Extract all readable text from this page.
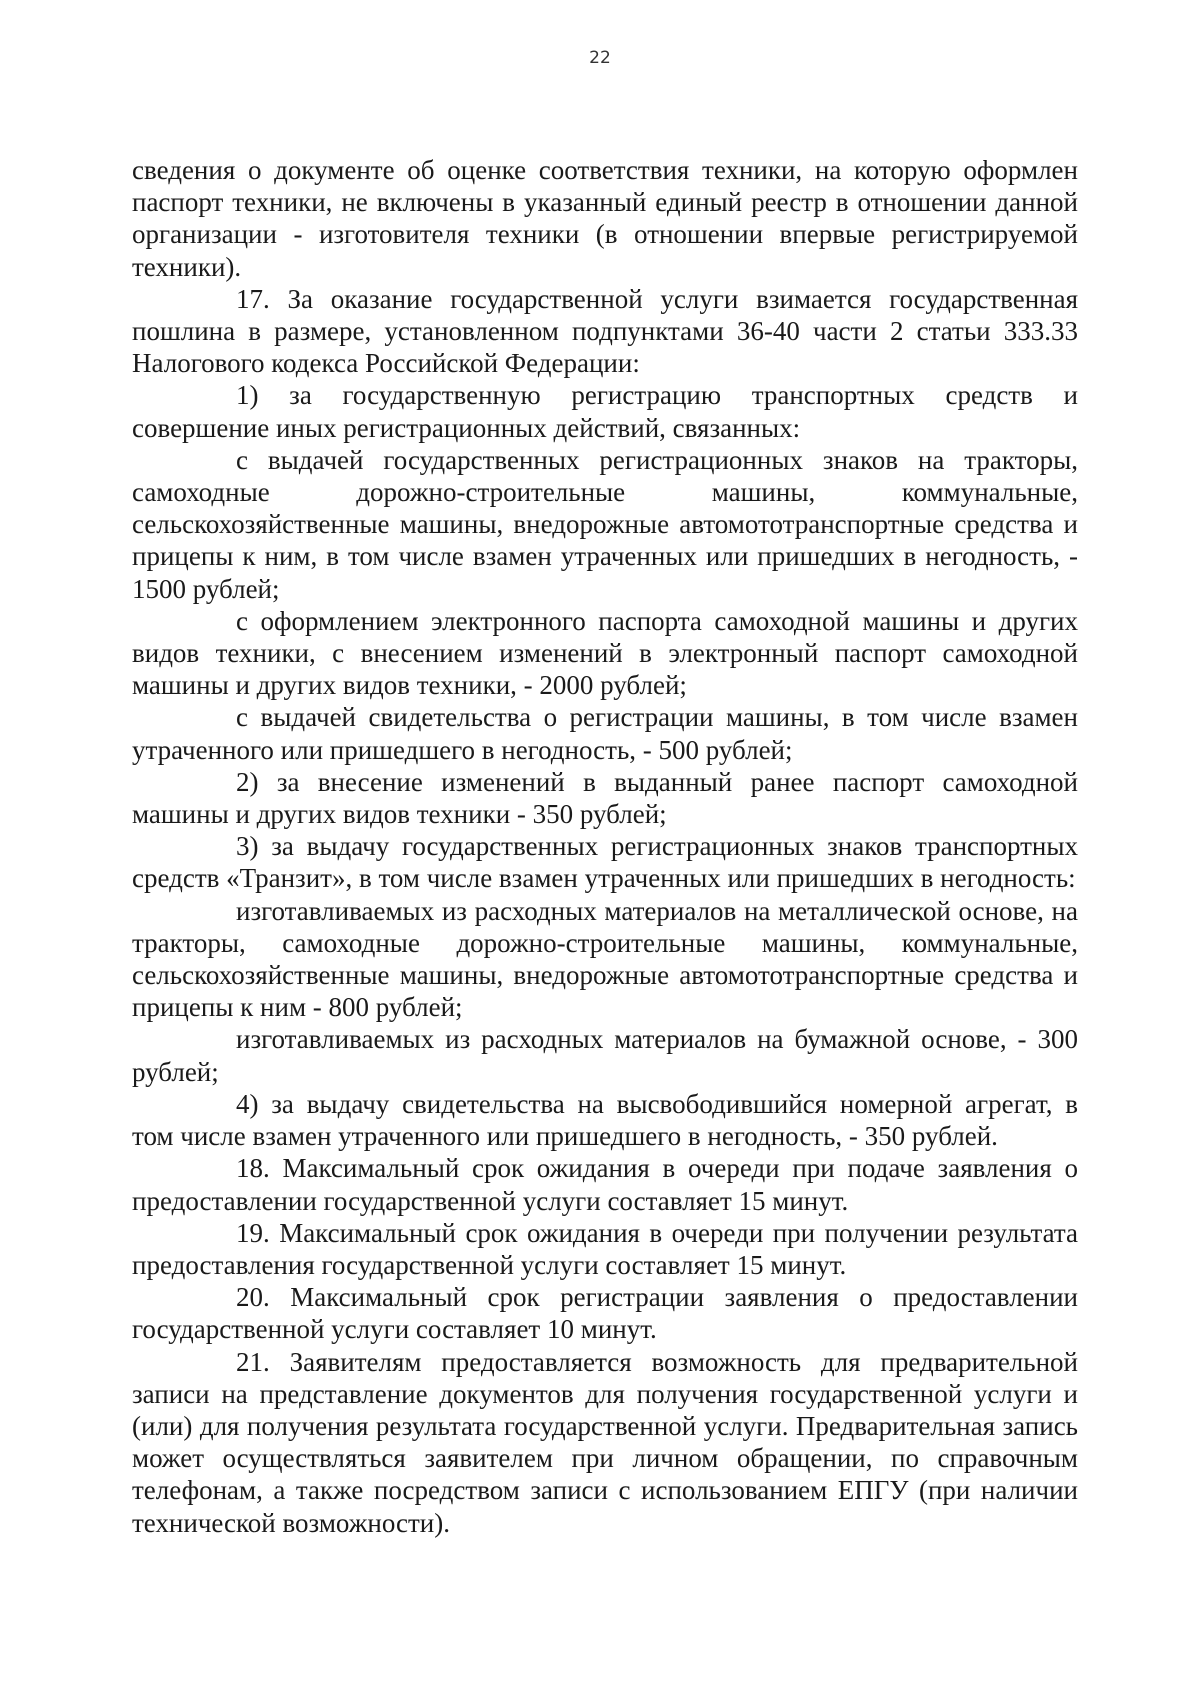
22

сведения о документе об оценке соответствия техники, на которую оформлен паспорт техники, не включены в указанный единый реестр в отношении данной организации - изготовителя техники (в отношении впервые регистрируемой техники).

17. За оказание государственной услуги взимается государственная пошлина в размере, установленном подпунктами 36-40 части 2 статьи 333.33 Налогового кодекса Российской Федерации:

1) за государственную регистрацию транспортных средств и совершение иных регистрационных действий, связанных:

с выдачей государственных регистрационных знаков на тракторы, самоходные дорожно-строительные машины, коммунальные, сельскохозяйственные машины, внедорожные автомототранспортные средства и прицепы к ним, в том числе взамен утраченных или пришедших в негодность, - 1500 рублей;

с оформлением электронного паспорта самоходной машины и других видов техники, с внесением изменений в электронный паспорт самоходной машины и других видов техники, - 2000 рублей;

с выдачей свидетельства о регистрации машины, в том числе взамен утраченного или пришедшего в негодность, - 500 рублей;

2) за внесение изменений в выданный ранее паспорт самоходной машины и других видов техники - 350 рублей;

3) за выдачу государственных регистрационных знаков транспортных средств «Транзит», в том числе взамен утраченных или пришедших в негодность:

изготавливаемых из расходных материалов на металлической основе, на тракторы, самоходные дорожно-строительные машины, коммунальные, сельскохозяйственные машины, внедорожные автомототранспортные средства и прицепы к ним - 800 рублей;

изготавливаемых из расходных материалов на бумажной основе, - 300 рублей;

4) за выдачу свидетельства на высвободившийся номерной агрегат, в том числе взамен утраченного или пришедшего в негодность, - 350 рублей.

18. Максимальный срок ожидания в очереди при подаче заявления о предоставлении государственной услуги составляет 15 минут.

19. Максимальный срок ожидания в очереди при получении результата предоставления государственной услуги составляет 15 минут.

20. Максимальный срок регистрации заявления о предоставлении государственной услуги составляет 10 минут.

21. Заявителям предоставляется возможность для предварительной записи на представление документов для получения государственной услуги и (или) для получения результата государственной услуги. Предварительная запись может осуществляться заявителем при личном обращении, по справочным телефонам, а также посредством записи с использованием ЕПГУ (при наличии технической возможности).
